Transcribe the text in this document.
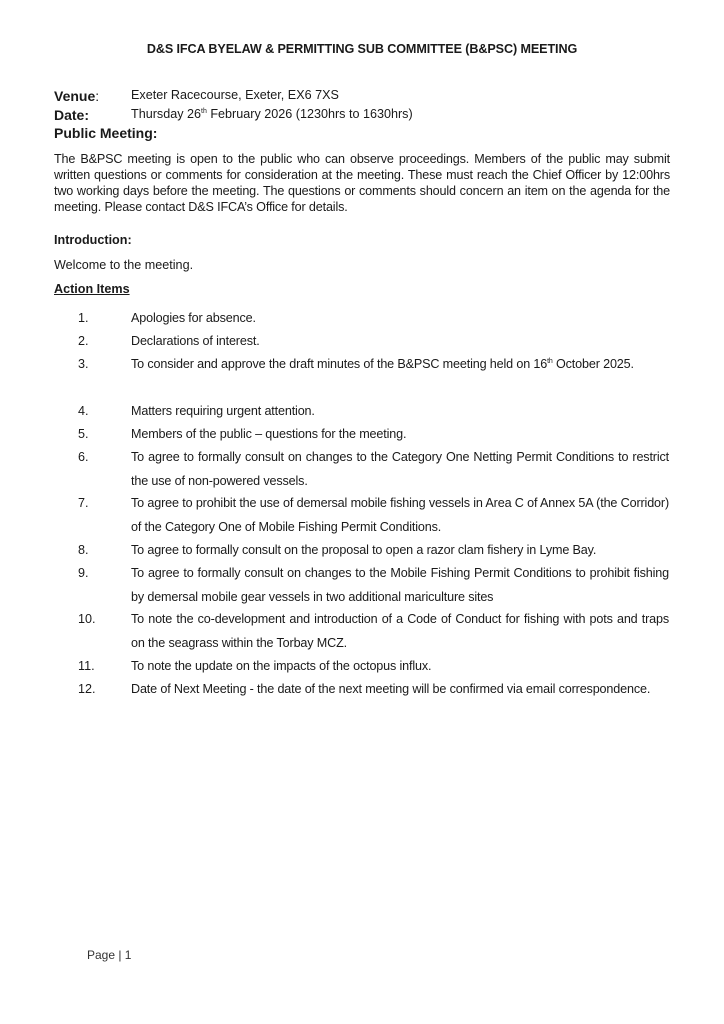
D&S IFCA BYELAW & PERMITTING SUB COMMITTEE (B&PSC) MEETING
Venue:	Exeter Racecourse, Exeter, EX6 7XS
Date:	Thursday 26th February 2026 (1230hrs to 1630hrs)
Public Meeting:
The B&PSC meeting is open to the public who can observe proceedings. Members of the public may submit written questions or comments for consideration at the meeting. These must reach the Chief Officer by 12:00hrs two working days before the meeting. The questions or comments should concern an item on the agenda for the meeting. Please contact D&S IFCA’s Office for details.
Introduction:
Welcome to the meeting.
Action Items
1.	Apologies for absence.
2.	Declarations of interest.
3.	To consider and approve the draft minutes of the B&PSC meeting held on 16th October 2025.
4.	Matters requiring urgent attention.
5.	Members of the public – questions for the meeting.
6.	To agree to formally consult on changes to the Category One Netting Permit Conditions to restrict the use of non-powered vessels.
7.	To agree to prohibit the use of demersal mobile fishing vessels in Area C of Annex 5A (the Corridor) of the Category One of Mobile Fishing Permit Conditions.
8.	To agree to formally consult on the proposal to open a razor clam fishery in Lyme Bay.
9.	To agree to formally consult on changes to the Mobile Fishing Permit Conditions to prohibit fishing by demersal mobile gear vessels in two additional mariculture sites
10.	To note the co-development and introduction of a Code of Conduct for fishing with pots and traps on the seagrass within the Torbay MCZ.
11.	To note the update on the impacts of the octopus influx.
12.	Date of Next Meeting - the date of the next meeting will be confirmed via email correspondence.
Page | 1
